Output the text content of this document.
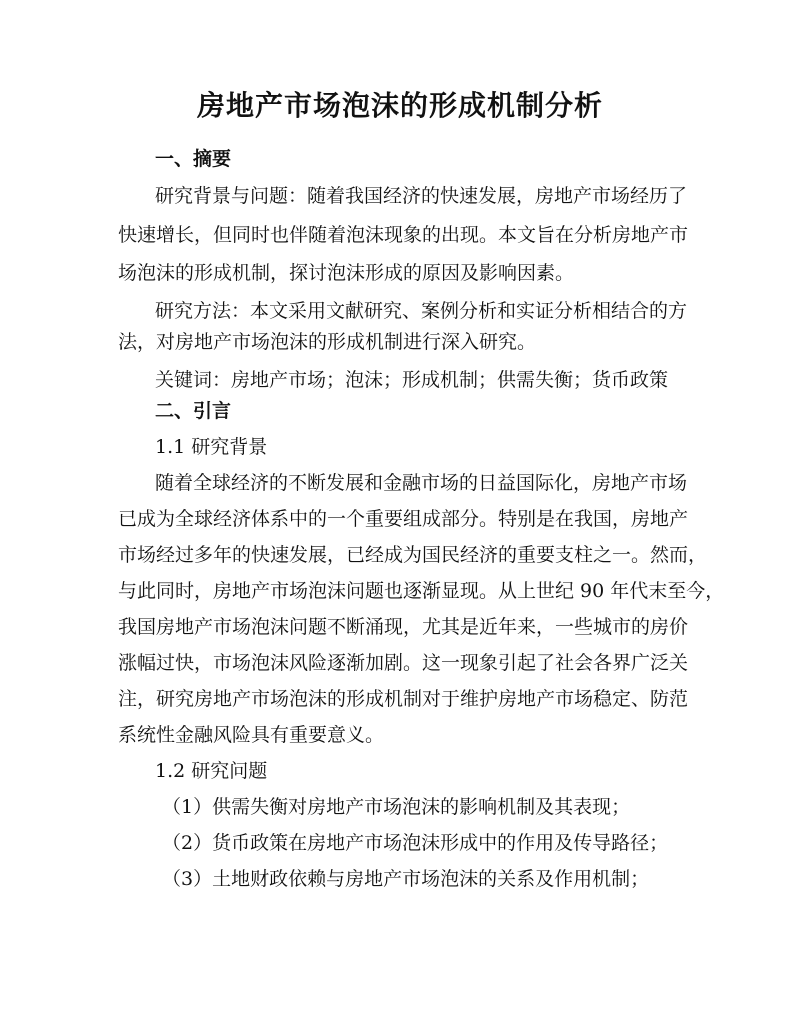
房地产市场泡沫的形成机制分析
一、摘要
研究背景与问题：随着我国经济的快速发展，房地产市场经历了
快速增长，但同时也伴随着泡沫现象的出现。本文旨在分析房地产市
场泡沫的形成机制，探讨泡沫形成的原因及影响因素。
研究方法：本文采用文献研究、案例分析和实证分析相结合的方
法，对房地产市场泡沫的形成机制进行深入研究。
关键词：房地产市场；泡沫；形成机制；供需失衡；货币政策
二、引言
1.1 研究背景
随着全球经济的不断发展和金融市场的日益国际化，房地产市场
已成为全球经济体系中的一个重要组成部分。特别是在我国，房地产
市场经过多年的快速发展，已经成为国民经济的重要支柱之一。然而，
与此同时，房地产市场泡沫问题也逐渐显现。从上世纪 90 年代末至今，
我国房地产市场泡沫问题不断涌现，尤其是近年来，一些城市的房价
涨幅过快，市场泡沫风险逐渐加剧。这一现象引起了社会各界广泛关
注，研究房地产市场泡沫的形成机制对于维护房地产市场稳定、防范
系统性金融风险具有重要意义。
1.2 研究问题
（1）供需失衡对房地产市场泡沫的影响机制及其表现；
（2）货币政策在房地产市场泡沫形成中的作用及传导路径；
（3）土地财政依赖与房地产市场泡沫的关系及作用机制；
